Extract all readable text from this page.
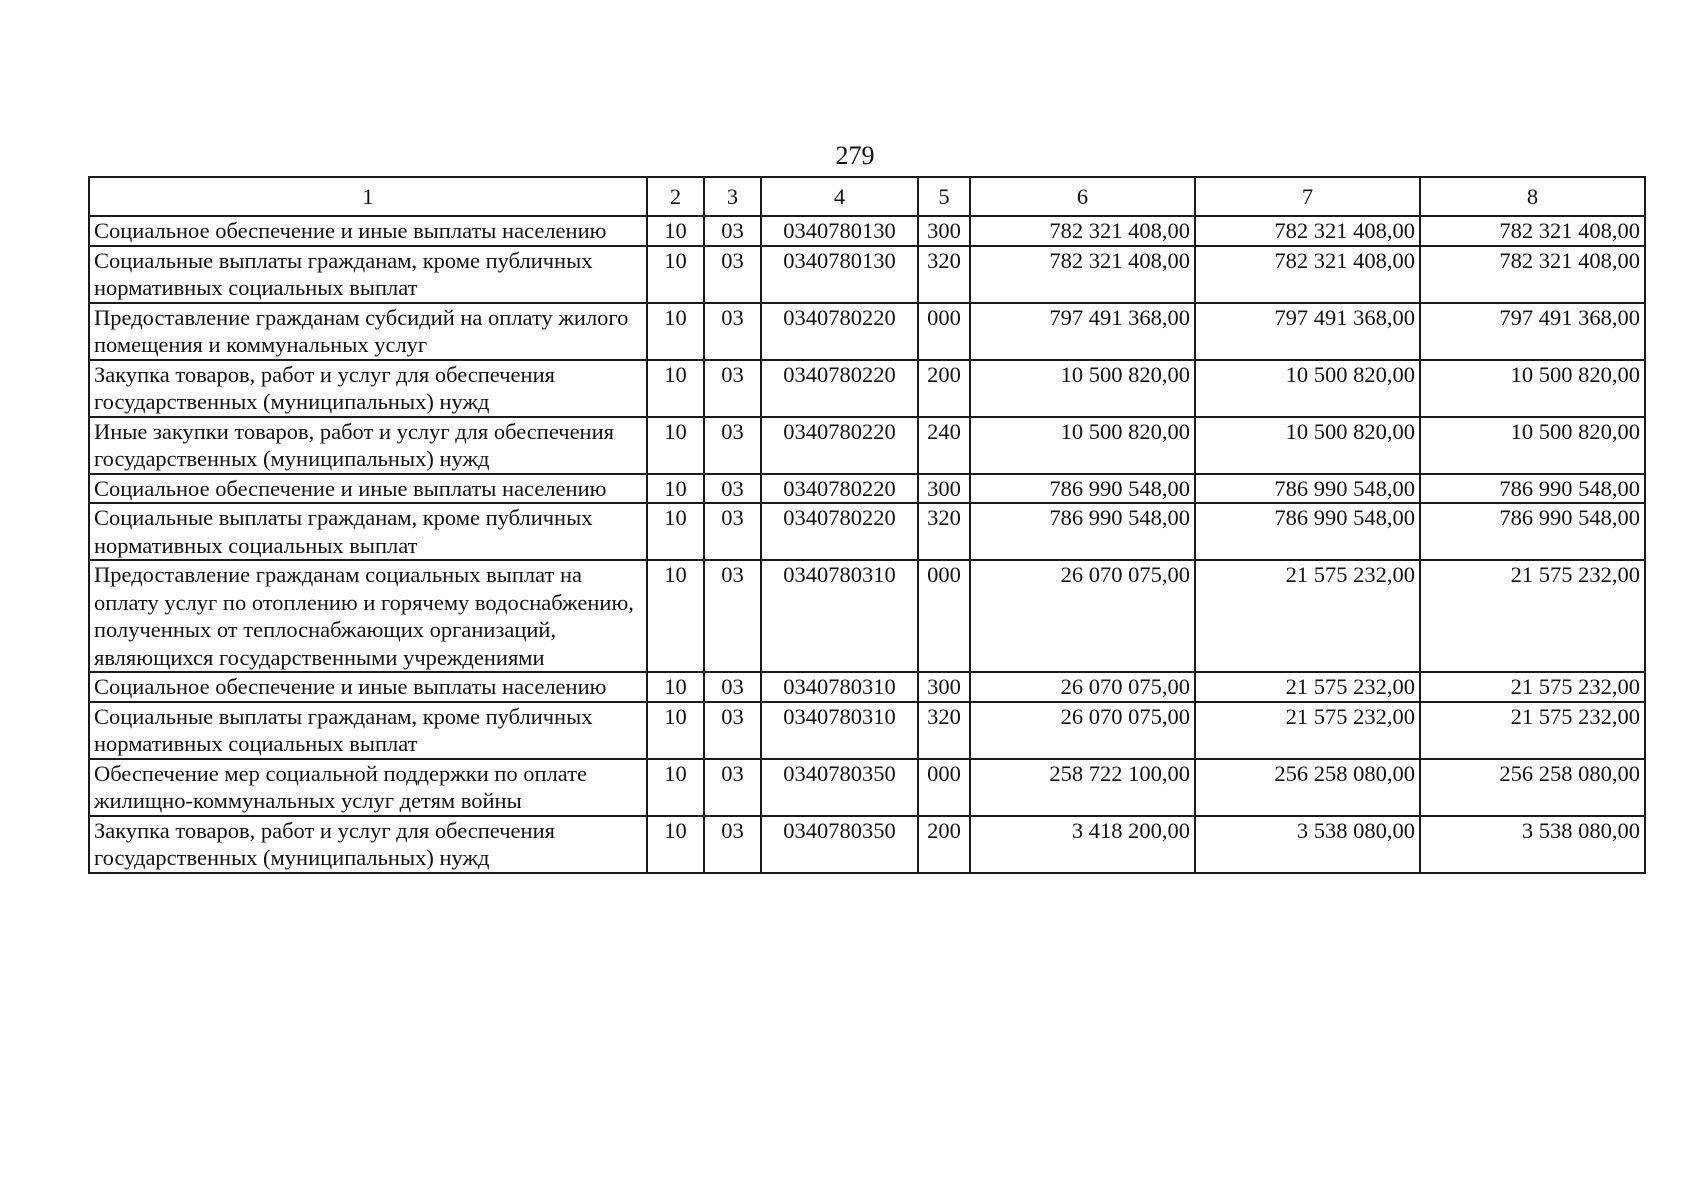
279
1	2	3	4	5	6	7	8
Социальное обеспечение и иные выплаты населению	10	03	0340780130	300	782 321 408,00	782 321 408,00	782 321 408,00
Социальные выплаты гражданам, кроме публичных нормативных социальных выплат	10	03	0340780130	320	782 321 408,00	782 321 408,00	782 321 408,00
Предоставление гражданам субсидий на оплату жилого помещения и коммунальных услуг	10	03	0340780220	000	797 491 368,00	797 491 368,00	797 491 368,00
Закупка товаров, работ и услуг для обеспечения государственных (муниципальных) нужд	10	03	0340780220	200	10 500 820,00	10 500 820,00	10 500 820,00
Иные закупки товаров, работ и услуг для обеспечения государственных (муниципальных) нужд	10	03	0340780220	240	10 500 820,00	10 500 820,00	10 500 820,00
Социальное обеспечение и иные выплаты населению	10	03	0340780220	300	786 990 548,00	786 990 548,00	786 990 548,00
Социальные выплаты гражданам, кроме публичных нормативных социальных выплат	10	03	0340780220	320	786 990 548,00	786 990 548,00	786 990 548,00
Предоставление гражданам социальных выплат на оплату услуг по отоплению и горячему водоснабжению, полученных от теплоснабжающих организаций, являющихся государственными учреждениями	10	03	0340780310	000	26 070 075,00	21 575 232,00	21 575 232,00
Социальное обеспечение и иные выплаты населению	10	03	0340780310	300	26 070 075,00	21 575 232,00	21 575 232,00
Социальные выплаты гражданам, кроме публичных нормативных социальных выплат	10	03	0340780310	320	26 070 075,00	21 575 232,00	21 575 232,00
Обеспечение мер социальной поддержки по оплате жилищно-коммунальных услуг детям войны	10	03	0340780350	000	258 722 100,00	256 258 080,00	256 258 080,00
Закупка товаров, работ и услуг для обеспечения государственных (муниципальных) нужд	10	03	0340780350	200	3 418 200,00	3 538 080,00	3 538 080,00
